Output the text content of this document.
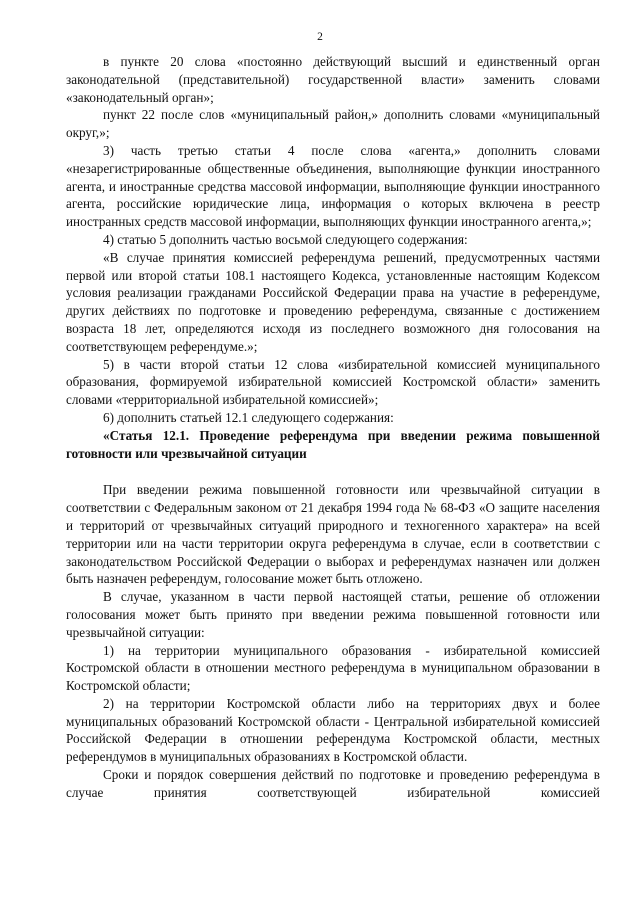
2

в пункте 20 слова «постоянно действующий высший и единственный орган законодательной (представительной) государственной власти» заменить словами «законодательный орган»;

пункт 22 после слов «муниципальный район,» дополнить словами «муниципальный округ,»;

3) часть третью статьи 4 после слова «агента,» дополнить словами «незарегистрированные общественные объединения, выполняющие функции иностранного агента, и иностранные средства массовой информации, выполняющие функции иностранного агента, российские юридические лица, информация о которых включена в реестр иностранных средств массовой информации, выполняющих функции иностранного агента,»;

4) статью 5 дополнить частью восьмой следующего содержания:

«В случае принятия комиссией референдума решений, предусмотренных частями первой или второй статьи 108.1 настоящего Кодекса, установленные настоящим Кодексом условия реализации гражданами Российской Федерации права на участие в референдуме, других действиях по подготовке и проведению референдума, связанные с достижением возраста 18 лет, определяются исходя из последнего возможного дня голосования на соответствующем референдуме.»;

5) в части второй статьи 12 слова «избирательной комиссией муниципального образования, формируемой избирательной комиссией Костромской области» заменить словами «территориальной избирательной комиссией»;

6) дополнить статьей 12.1 следующего содержания:

«Статья 12.1. Проведение референдума при введении режима повышенной готовности или чрезвычайной ситуации

При введении режима повышенной готовности или чрезвычайной ситуации в соответствии с Федеральным законом от 21 декабря 1994 года № 68-ФЗ «О защите населения и территорий от чрезвычайных ситуаций природного и техногенного характера» на всей территории или на части территории округа референдума в случае, если в соответствии с законодательством Российской Федерации о выборах и референдумах назначен или должен быть назначен референдум, голосование может быть отложено.

В случае, указанном в части первой настоящей статьи, решение об отложении голосования может быть принято при введении режима повышенной готовности или чрезвычайной ситуации:

1) на территории муниципального образования - избирательной комиссией Костромской области в отношении местного референдума в муниципальном образовании в Костромской области;

2) на территории Костромской области либо на территориях двух и более муниципальных образований Костромской области - Центральной избирательной комиссией Российской Федерации в отношении референдума Костромской области, местных референдумов в муниципальных образованиях в Костромской области.

Сроки и порядок совершения действий по подготовке и проведению референдума в случае принятия соответствующей избирательной комиссией
